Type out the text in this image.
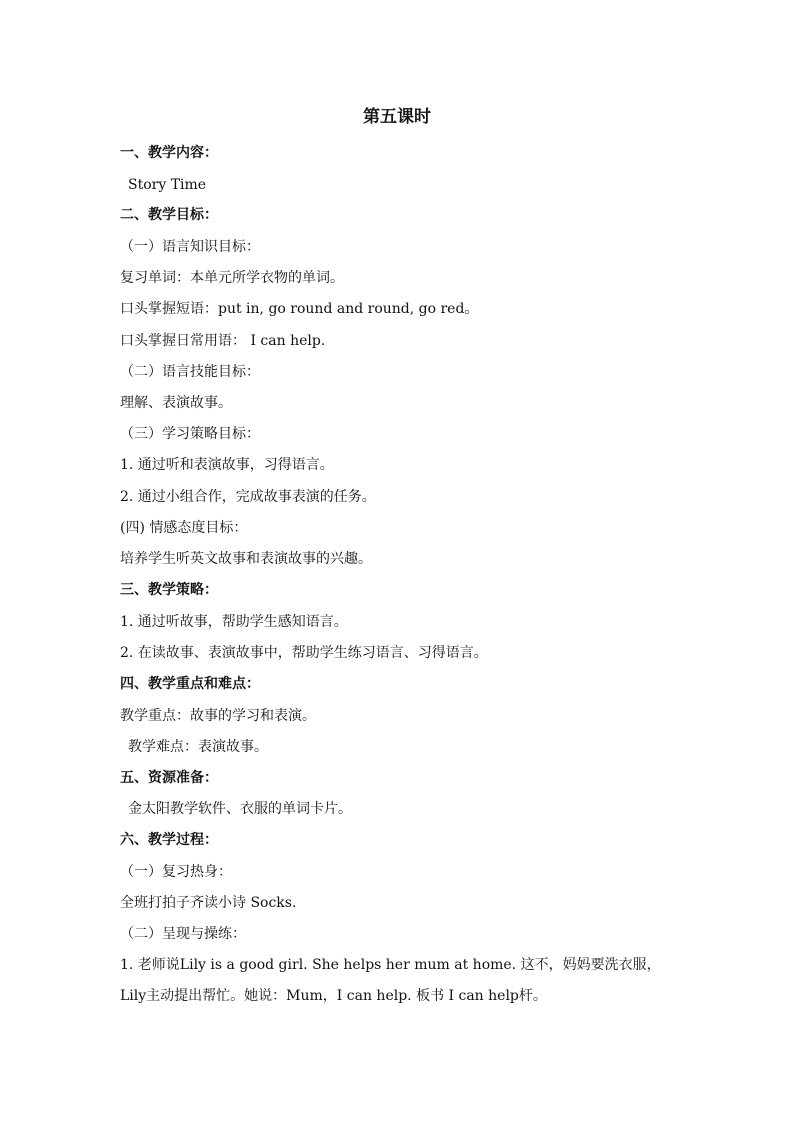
第五课时
一、教学内容：
Story Time
二、教学目标：
（一）语言知识目标：
复习单词：本单元所学衣物的单词。
口头掌握短语：put in, go round and round, go red。
口头掌握日常用语： I can help.
（二）语言技能目标：
理解、表演故事。
（三）学习策略目标：
1. 通过听和表演故事，习得语言。
2. 通过小组合作，完成故事表演的任务。
(四) 情感态度目标：
培养学生听英文故事和表演故事的兴趣。
三、教学策略：
1. 通过听故事，帮助学生感知语言。
2. 在读故事、表演故事中，帮助学生练习语言、习得语言。
四、教学重点和难点：
教学重点：故事的学习和表演。
教学难点：表演故事。
五、资源准备：
金太阳教学软件、衣服的单词卡片。
六、教学过程：
（一）复习热身：
全班打拍子齐读小诗 Socks.
（二）呈现与操练：
1. 老师说Lily is a good girl. She helps her mum at home. 这不，妈妈要洗衣服，Lily主动提出帮忙。她说：Mum，I can help. 板书 I can help杆。
